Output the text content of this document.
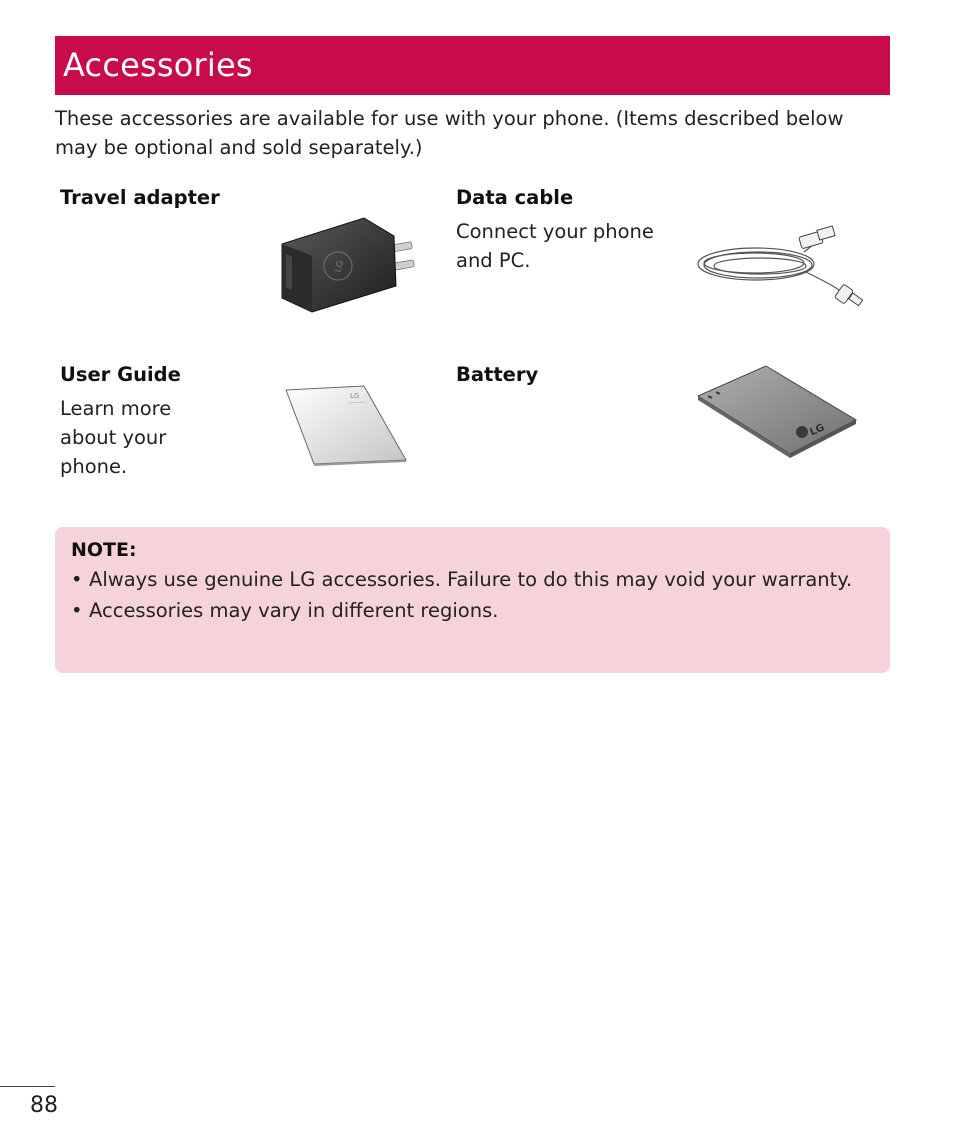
Accessories

These accessories are available for use with your phone. (Items described below may be optional and sold separately.)

Travel adapter

LG

Data cable

Connect your phone and PC.

User Guide

Learn more about your phone.

LG

Battery

LG

NOTE:

• Always use genuine LG accessories. Failure to do this may void your warranty.
• Accessories may vary in different regions.
88
